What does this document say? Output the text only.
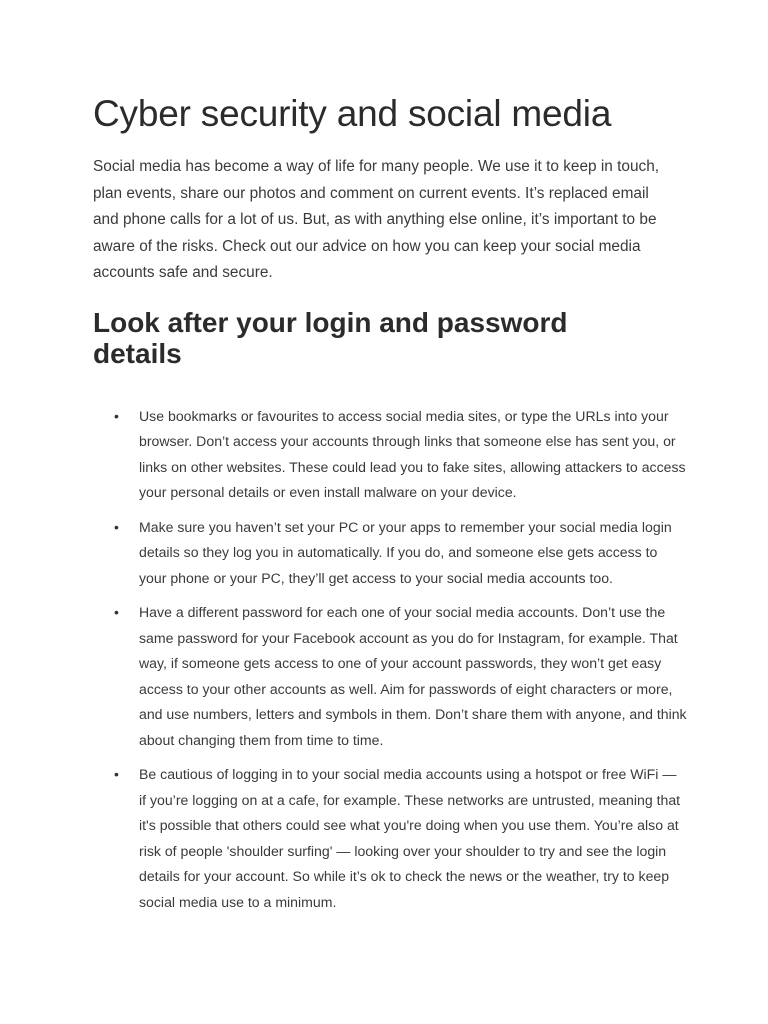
Cyber security and social media

Social media has become a way of life for many people. We use it to keep in touch, plan events, share our photos and comment on current events. It’s replaced email and phone calls for a lot of us. But, as with anything else online, it’s important to be aware of the risks. Check out our advice on how you can keep your social media accounts safe and secure.

Look after your login and password details
• Use bookmarks or favourites to access social media sites, or type the URLs into your browser. Don’t access your accounts through links that someone else has sent you, or links on other websites. These could lead you to fake sites, allowing attackers to access your personal details or even install malware on your device.
• Make sure you haven’t set your PC or your apps to remember your social media login details so they log you in automatically. If you do, and someone else gets access to your phone or your PC, they’ll get access to your social media accounts too.
• Have a different password for each one of your social media accounts. Don’t use the same password for your Facebook account as you do for Instagram, for example. That way, if someone gets access to one of your account passwords, they won’t get easy access to your other accounts as well. Aim for passwords of eight characters or more, and use numbers, letters and symbols in them. Don’t share them with anyone, and think about changing them from time to time.
• Be cautious of logging in to your social media accounts using a hotspot or free WiFi — if you’re logging on at a cafe, for example. These networks are untrusted, meaning that it's possible that others could see what you're doing when you use them. You’re also at risk of people 'shoulder surfing' — looking over your shoulder to try and see the login details for your account. So while it’s ok to check the news or the weather, try to keep social media use to a minimum.
